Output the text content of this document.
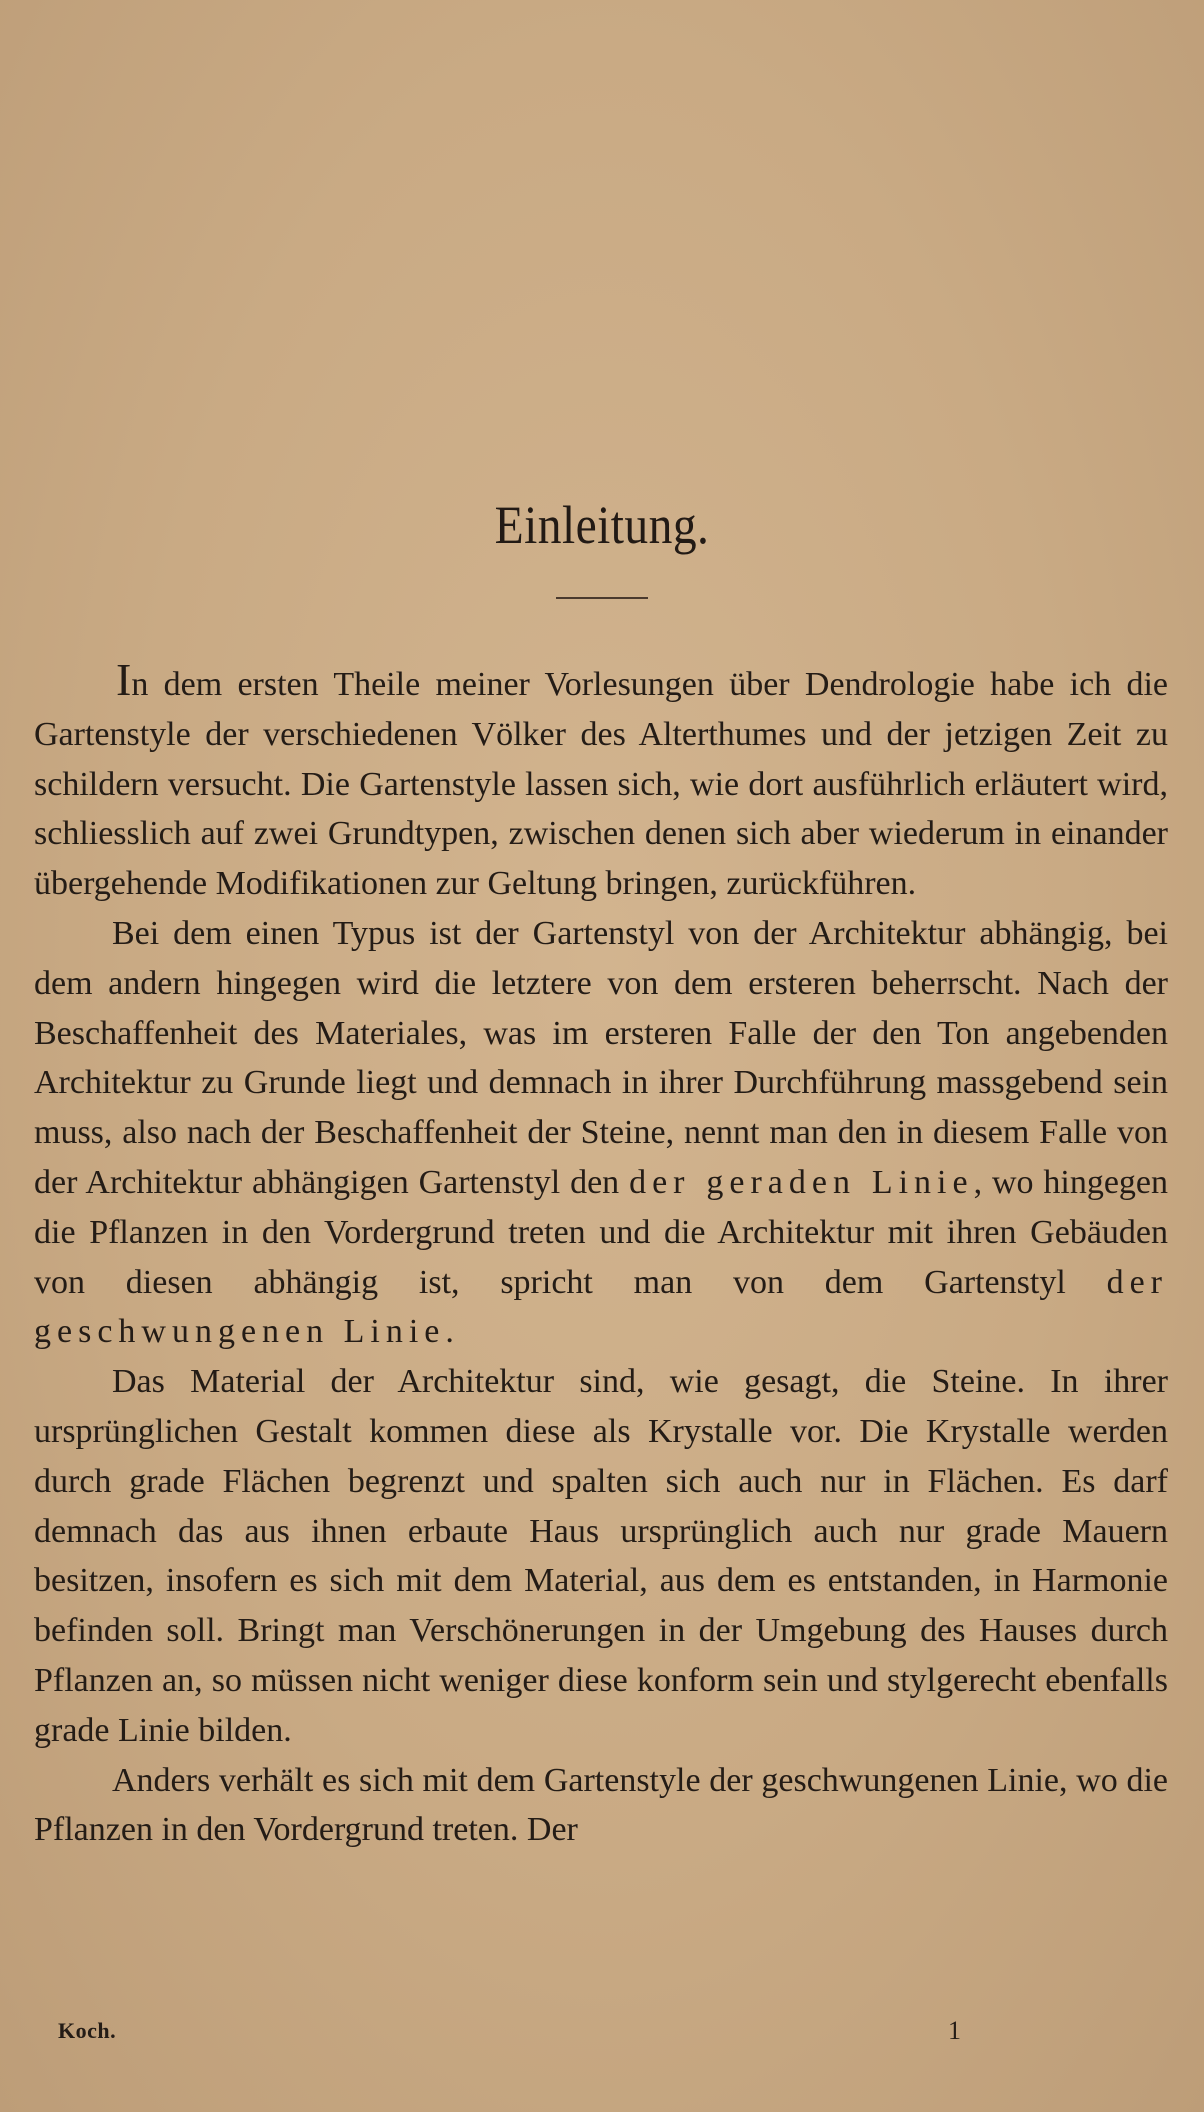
Einleitung.

In dem ersten Theile meiner Vorlesungen über Dendrologie habe ich die Gartenstyle der verschiedenen Völker des Alterthumes und der jetzigen Zeit zu schildern versucht. Die Gartenstyle lassen sich, wie dort ausführlich erläutert wird, schliesslich auf zwei Grundtypen, zwischen denen sich aber wiederum in einander übergehende Modifikationen zur Geltung bringen, zurückführen.

Bei dem einen Typus ist der Gartenstyl von der Architektur abhängig, bei dem andern hingegen wird die letztere von dem ersteren beherrscht. Nach der Beschaffenheit des Materiales, was im ersteren Falle der den Ton angebenden Architektur zu Grunde liegt und demnach in ihrer Durchführung massgebend sein muss, also nach der Beschaffenheit der Steine, nennt man den in diesem Falle von der Architektur abhängigen Gartenstyl den der geraden Linie, wo hingegen die Pflanzen in den Vordergrund treten und die Architektur mit ihren Gebäuden von diesen abhängig ist, spricht man von dem Gartenstyl der geschwungenen Linie.

Das Material der Architektur sind, wie gesagt, die Steine. In ihrer ursprünglichen Gestalt kommen diese als Krystalle vor. Die Krystalle werden durch grade Flächen begrenzt und spalten sich auch nur in Flächen. Es darf demnach das aus ihnen erbaute Haus ursprünglich auch nur grade Mauern besitzen, insofern es sich mit dem Material, aus dem es entstanden, in Harmonie befinden soll. Bringt man Verschönerungen in der Umgebung des Hauses durch Pflanzen an, so müssen nicht weniger diese konform sein und stylgerecht ebenfalls grade Linie bilden.

Anders verhält es sich mit dem Gartenstyle der geschwungenen Linie, wo die Pflanzen in den Vordergrund treten. Der

Koch.	1
